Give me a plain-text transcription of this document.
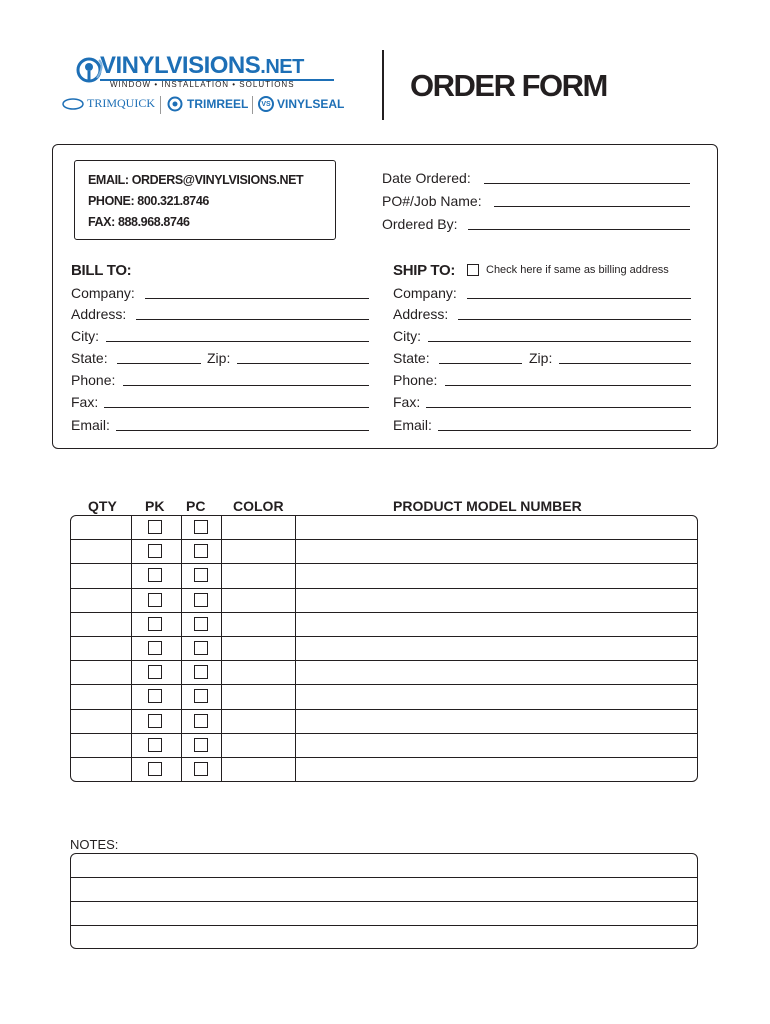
VINYLVISIONS.NET
WINDOW • INSTALLATION • SOLUTIONS
TRIMQUICK	TRIMREEL	VS VINYLSEAL
ORDER FORM
EMAIL: ORDERS@VINYLVISIONS.NET
PHONE: 800.321.8746
FAX: 888.968.8746
Date Ordered:
PO#/Job Name:
Ordered By:
BILL TO:
Company:
Address:
City:
State:	Zip:
Phone:
Fax:
Email:
SHIP TO:	Check here if same as billing address
Company:
Address:
City:
State:	Zip:
Phone:
Fax:
Email:
QTY PK PC COLOR	PRODUCT MODEL NUMBER
NOTES:
